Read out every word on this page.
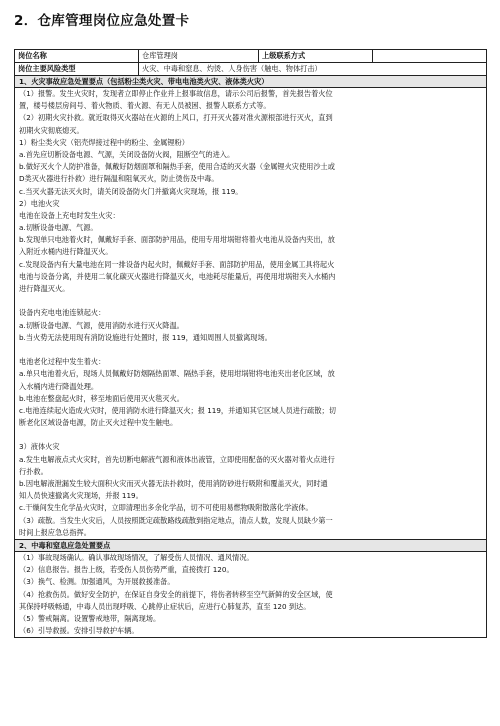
2．仓库管理岗位应急处置卡
岗位名称	仓库管理岗	上级联系方式
岗位主要风险类型	火灾、中毒和窒息、灼烫、人身伤害（触电、物体打击）
1、火灾事故应急处置要点（包括粉尘类火灾、带电电池类火灾、液体类火灾）
（1）报警。发生火灾时，发现者立即停止作业并上报事故信息，请示公司后报警，首先报告着火位
置，楼号楼层房间号、着火物质、着火源、有无人员被困、报警人联系方式等。
（2）初期火灾扑救。就近取得灭火器站在火源的上风口，打开灭火器对准火源根部进行灭火，直到
初期火灾彻底熄灭。
1）粉尘类火灾（铝壳焊接过程中的粉尘、金属锂粉）
a.首先应切断设备电源、气源，关闭设备防火阀，阻断空气的进入。
b.做好灭火个人防护准备，佩戴好防烟面罩和隔热手套，使用合适的灭火器（金属锂火灾使用沙土或
D类灭火器进行扑救）进行隔温和阻氧灭火，防止烫伤及中毒。
c.当灭火器无法灭火时，请关闭设备防火门并撤离火灾现场，报 119。
2）电池火灾
电池在设备上充电时发生火灾：
a.切断设备电源、气源。
b.发现单只电池着火时，佩戴好手套、面部防护用品，使用专用坩埚钳将着火电池从设备内夹出，放
入附近水桶内进行降温灭火。
c.发现设备内有大量电池在同一排设备内起火时，佩戴好手套、面部防护用品，使用金属工具将起火
电池与设备分离，并使用二氧化碳灭火器进行降温灭火，电池耗尽能量后，再使用坩埚钳夹入水桶内
进行降温灭火。
设备内充电电池连锁起火：
a.切断设备电源、气源，使用消防水进行灭火降温。
b.当火势无法使用现有消防设施进行处置时，报 119，通知周围人员撤离现场。
电池老化过程中发生着火：
a.单只电池着火后，现场人员佩戴好防烟隔热面罩、隔热手套，使用坩埚钳将电池夹出老化区域，放
入水桶内进行降温处理。
b.电池在整盘起火时，移至地面后使用灭火毯灭火。
c.电池连续起火造成火灾时，使用消防水进行降温灭火；报 119，并通知其它区域人员进行疏散；切
断老化区域设备电源，防止灭火过程中发生触电。
3）液体火灾
a.发生电解液点式火灾时，首先切断电解液气源和液体出液管，立即使用配备的灭火器对着火点进行
行扑救。
b.因电解液泄漏发生较大面积火灾而灭火器无法扑救时，使用消防砂进行吸附和覆盖灭火，同时通
知人员快速撤离火灾现场，并报 119。
c.干燥间发生化学品火灾时，立即清理出多余化学品，切不可使用易燃物吸附散落化学液体。
（3）疏散。当发生火灾后，人员按照既定疏散路线疏散到指定地点，清点人数，发现人员缺少第一
时间上报应急总指挥。
2、中毒和窒息应急处置要点
（1）事故现场确认。确认事故现场情况，了解受伤人员情况、通风情况。
（2）信息报告。报告上级，若受伤人员伤势严重，直接拨打 120。
（3）换气、检测。加强通风，为开展救援准备。
（4）抢救伤员。做好安全防护，在保证自身安全的前提下，将伤者转移至空气新鲜的安全区域，使
其保持呼吸畅通，中毒人员出现呼吸、心跳停止症状后，应进行心肺复苏，直至 120 到达。
（5）警戒隔离。设置警戒地带，隔离现场。
（6）引导救援。安排引导救护车辆。
